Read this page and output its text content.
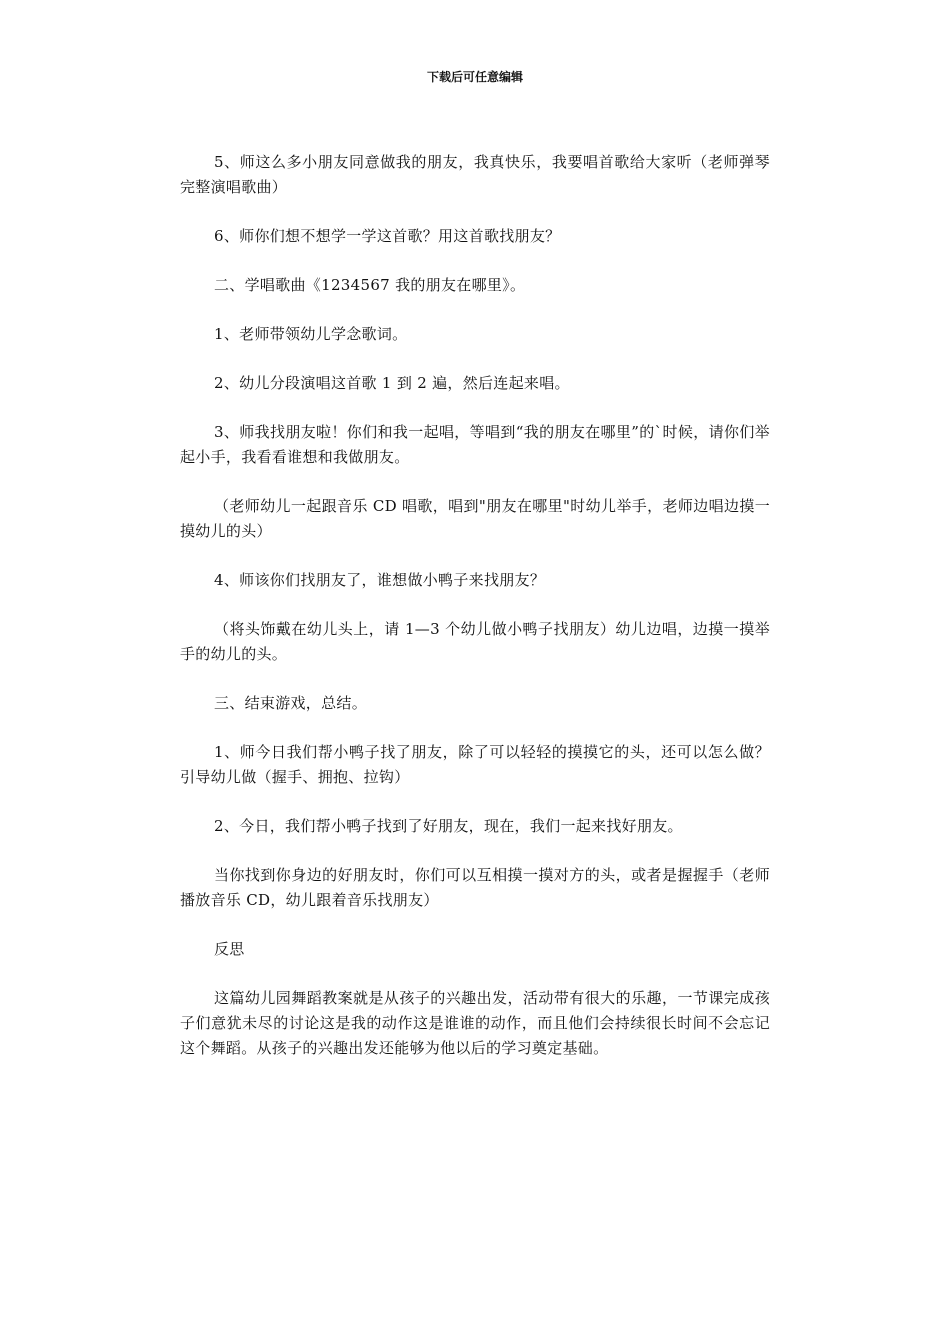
下载后可任意编辑

5、师这么多小朋友同意做我的朋友，我真快乐，我要唱首歌给大家听（老师弹琴完整演唱歌曲）

6、师你们想不想学一学这首歌？用这首歌找朋友？

二、学唱歌曲《1234567 我的朋友在哪里》。

1、老师带领幼儿学念歌词。

2、幼儿分段演唱这首歌 1 到 2 遍，然后连起来唱。

3、师我找朋友啦！你们和我一起唱，等唱到“我的朋友在哪里”的`时候，请你们举起小手，我看看谁想和我做朋友。

（老师幼儿一起跟音乐 CD 唱歌，唱到"朋友在哪里"时幼儿举手，老师边唱边摸一摸幼儿的头）

4、师该你们找朋友了，谁想做小鸭子来找朋友？

（将头饰戴在幼儿头上，请 1—3 个幼儿做小鸭子找朋友）幼儿边唱，边摸一摸举手的幼儿的头。

三、结束游戏，总结。

1、师今日我们帮小鸭子找了朋友，除了可以轻轻的摸摸它的头，还可以怎么做？引导幼儿做（握手、拥抱、拉钩）

2、今日，我们帮小鸭子找到了好朋友，现在，我们一起来找好朋友。

当你找到你身边的好朋友时，你们可以互相摸一摸对方的头，或者是握握手（老师播放音乐 CD，幼儿跟着音乐找朋友）

反思

这篇幼儿园舞蹈教案就是从孩子的兴趣出发，活动带有很大的乐趣，一节课完成孩子们意犹未尽的讨论这是我的动作这是谁谁的动作，而且他们会持续很长时间不会忘记这个舞蹈。从孩子的兴趣出发还能够为他以后的学习奠定基础。
